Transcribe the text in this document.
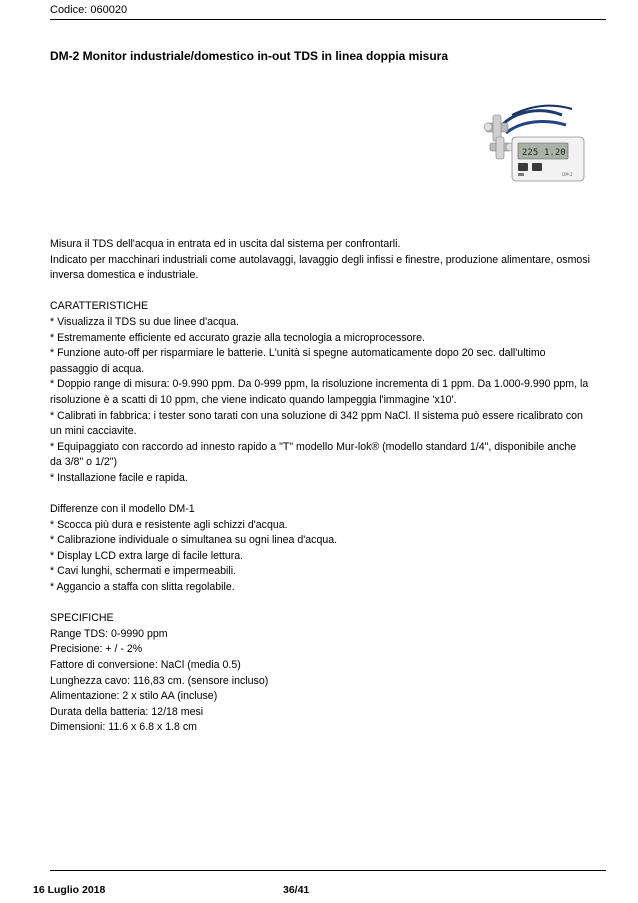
Codice: 060020
DM-2 Monitor industriale/domestico in-out TDS in linea doppia misura
225 1.20
DM-2

Misura il TDS dell'acqua in entrata ed in uscita dal sistema per confrontarli.

Indicato per macchinari industriali come autolavaggi, lavaggio degli infissi e finestre, produzione alimentare, osmosi inversa domestica e industriale.

CARATTERISTICHE

* Visualizza il TDS su due linee d'acqua.

* Estremamente efficiente ed accurato grazie alla tecnologia a microprocessore.

* Funzione auto-off per risparmiare le batterie. L'unità si spegne automaticamente dopo 20 sec. dall'ultimo passaggio di acqua.

* Doppio range di misura: 0-9.990 ppm. Da 0-999 ppm, la risoluzione incrementa di 1 ppm. Da 1.000-9.990 ppm, la risoluzione è a scatti di 10 ppm, che viene indicato quando lampeggia l'immagine 'x10'.

* Calibrati in fabbrica: i tester sono tarati con una soluzione di 342 ppm NaCl. Il sistema può essere ricalibrato con un mini cacciavite.

* Equipaggiato con raccordo ad innesto rapido a "T" modello Mur-lok® (modello standard 1/4", disponibile anche da 3/8" o 1/2")

* Installazione facile e rapida.

Differenze con il modello DM-1

* Scocca più dura e resistente agli schizzi d'acqua.

* Calibrazione individuale o simultanea su ogni linea d'acqua.

* Display LCD extra large di facile lettura.

* Cavi lunghi, schermati e impermeabili.

* Aggancio a staffa con slitta regolabile.

SPECIFICHE

Range TDS: 0-9990 ppm

Precisione: + / - 2%

Fattore di conversione: NaCl (media 0.5)

Lunghezza cavo: 116,83 cm. (sensore incluso)

Alimentazione: 2 x stilo AA (incluse)

Durata della batteria: 12/18 mesi

Dimensioni: 11.6 x 6.8 x 1.8 cm

16 Luglio 2018	36/41
